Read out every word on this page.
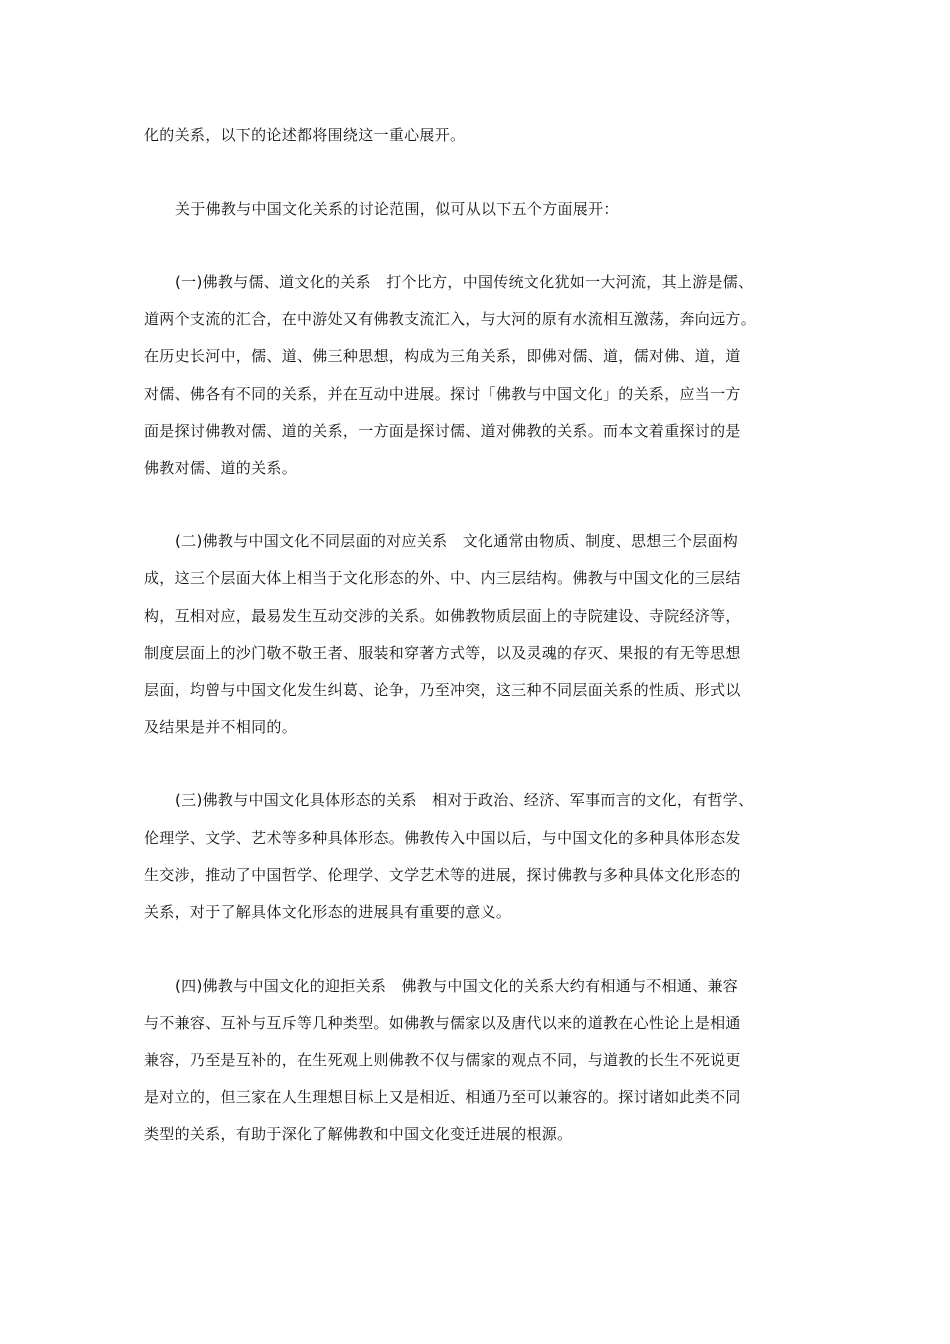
化的关系，以下的论述都将围绕这一重心展开。
关于佛教与中国文化关系的讨论范围，似可从以下五个方面展开：
(一)佛教与儒、道文化的关系　打个比方，中国传统文化犹如一大河流，其上游是儒、
道两个支流的汇合，在中游处又有佛教支流汇入，与大河的原有水流相互激荡，奔向远方。
在历史长河中，儒、道、佛三种思想，构成为三角关系，即佛对儒、道，儒对佛、道，道
对儒、佛各有不同的关系，并在互动中进展。探讨「佛教与中国文化」的关系，应当一方
面是探讨佛教对儒、道的关系，一方面是探讨儒、道对佛教的关系。而本文着重探讨的是
佛教对儒、道的关系。
(二)佛教与中国文化不同层面的对应关系　文化通常由物质、制度、思想三个层面构
成，这三个层面大体上相当于文化形态的外、中、内三层结构。佛教与中国文化的三层结
构，互相对应，最易发生互动交涉的关系。如佛教物质层面上的寺院建设、寺院经济等，
制度层面上的沙门敬不敬王者、服装和穿著方式等，以及灵魂的存灭、果报的有无等思想
层面，均曾与中国文化发生纠葛、论争，乃至冲突，这三种不同层面关系的性质、形式以
及结果是并不相同的。
(三)佛教与中国文化具体形态的关系　相对于政治、经济、军事而言的文化，有哲学、
伦理学、文学、艺术等多种具体形态。佛教传入中国以后，与中国文化的多种具体形态发
生交涉，推动了中国哲学、伦理学、文学艺术等的进展，探讨佛教与多种具体文化形态的
关系，对于了解具体文化形态的进展具有重要的意义。
(四)佛教与中国文化的迎拒关系　佛教与中国文化的关系大约有相通与不相通、兼容
与不兼容、互补与互斥等几种类型。如佛教与儒家以及唐代以来的道教在心性论上是相通
兼容，乃至是互补的，在生死观上则佛教不仅与儒家的观点不同，与道教的长生不死说更
是对立的，但三家在人生理想目标上又是相近、相通乃至可以兼容的。探讨诸如此类不同
类型的关系，有助于深化了解佛教和中国文化变迁进展的根源。
